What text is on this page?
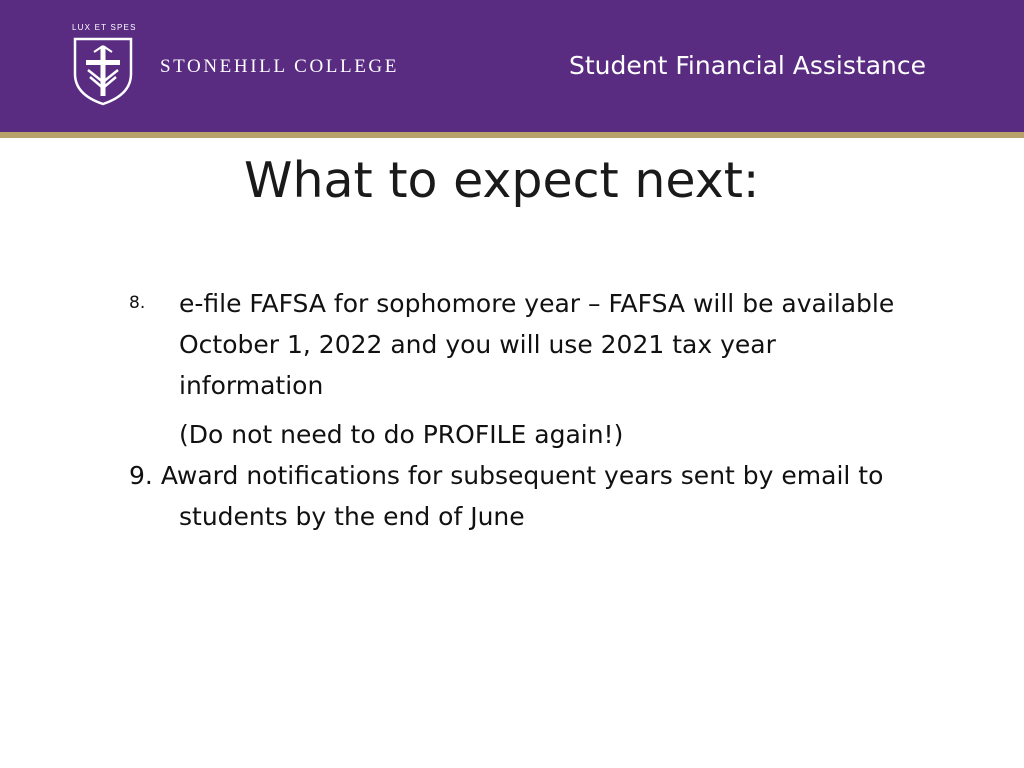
LUX ET SPES
STONEHILL COLLEGE	Student Financial Assistance
What to expect next:
8. e-file FAFSA for sophomore year – FAFSA will be available October 1, 2022 and you will use 2021 tax year information
(Do not need to do PROFILE again!)
9. Award notifications for subsequent years sent by email to students by the end of June
